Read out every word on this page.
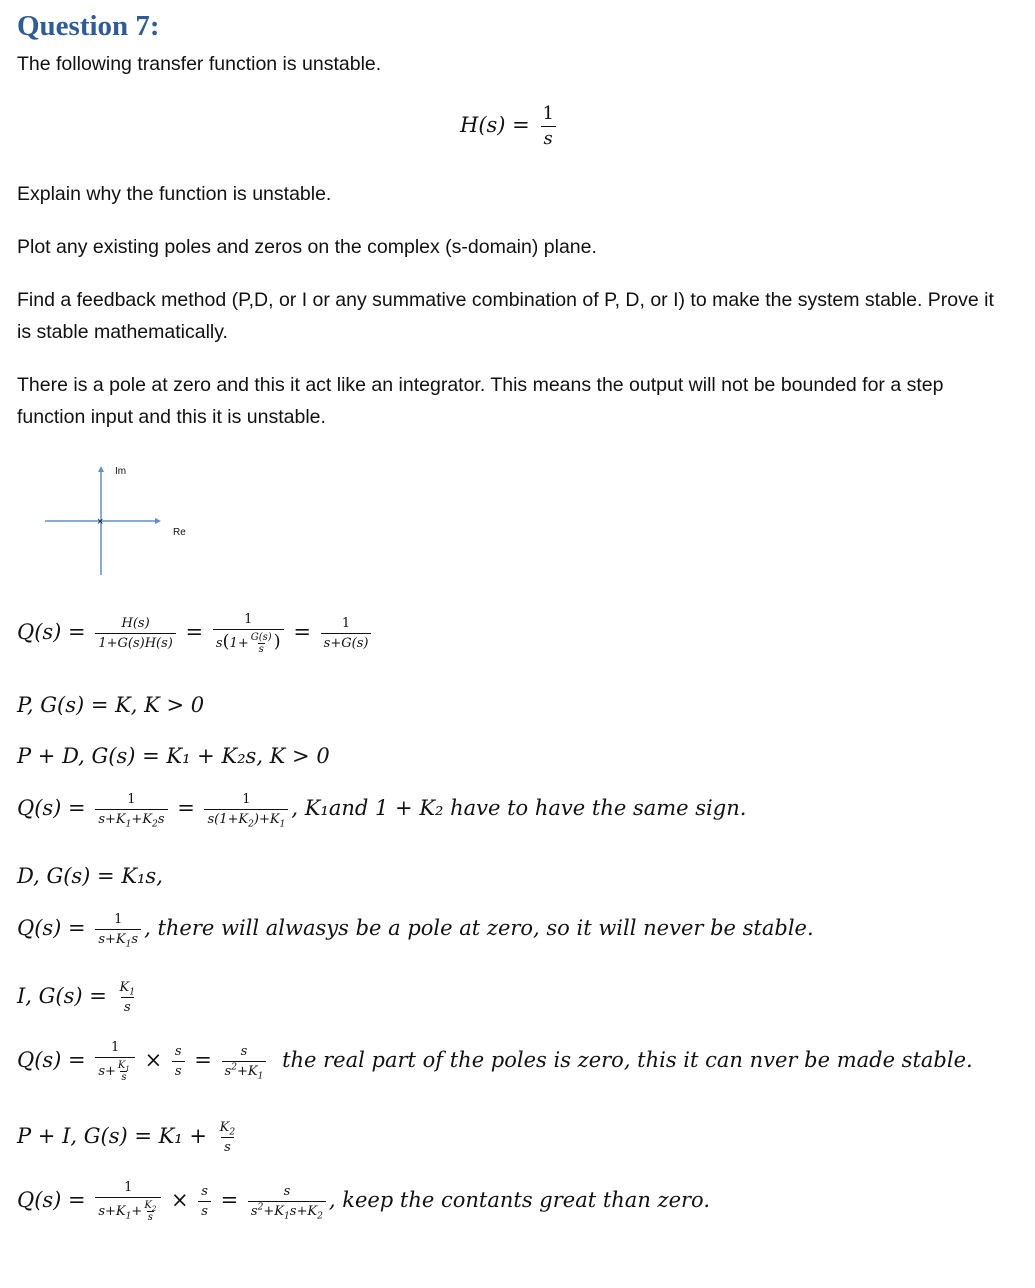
Question 7:
The following transfer function is unstable.
$H(s) = \frac{1}{s}$
Explain why the function is unstable.
Plot any existing poles and zeros on the complex (s-domain) plane.
Find a feedback method (P,D, or I or any summative combination of P, D, or I) to make the system stable. Prove it is stable mathematically.
There is a pole at zero and this it act like an integrator. This means the output will not be bounded for a step function input and this it is unstable.
×
Im
Re
$Q(s) = \frac{H(s)}{1+G(s)H(s)} = \frac{1}{s(1+ \frac{G(s)}{s} )} = \frac{1}{s+G(s)}$
P, G(s) = K, K > 0
P + D, G(s) = K₁ + K₂s, K > 0
$Q(s) = \frac{1}{s+K_1+K_2s} = \frac{1}{s(1+K_2)+K_1}$ , K₁and 1 + K₂ have to have the same sign.
D, G(s) = K₁s,
$Q(s) = \frac{1}{s+K_1s}$ , there will alwasys be a pole at zero, so it will never be stable.
I, $G(s) = \frac{K_1}{s}$
$Q(s) = \frac{1}{s+ \frac{K_1}{s}} \times \frac{s}{s} = \frac{s}{s^2+K_1}$ the real part of the poles is zero, this it can nver be made stable.
P + I, $G(s) = K_1 + \frac{K_2}{s}$
$Q(s) = \frac{1}{s+K_1+ \frac{K_2}{s}} \times \frac{s}{s} = \frac{s}{s^2+K_1s+K_2}$ , keep the contants great than zero.
